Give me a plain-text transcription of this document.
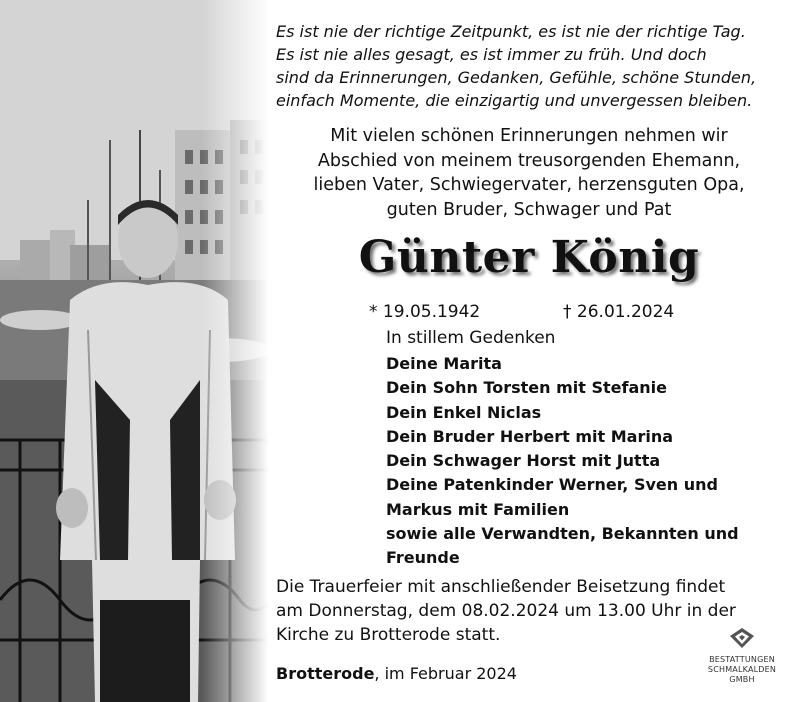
Es ist nie der richtige Zeitpunkt, es ist nie der richtige Tag.
Es ist nie alles gesagt, es ist immer zu früh. Und doch
sind da Erinnerungen, Gedanken, Gefühle, schöne Stunden,
einfach Momente, die einzigartig und unvergessen bleiben.
Mit vielen schönen Erinnerungen nehmen wir
Abschied von meinem treusorgenden Ehemann,
lieben Vater, Schwiegervater, herzensguten Opa,
guten Bruder, Schwager und Pat
Günter König
* 19.05.1942	† 26.01.2024
In stillem Gedenken
Deine Marita
Dein Sohn Torsten mit Stefanie
Dein Enkel Niclas
Dein Bruder Herbert mit Marina
Dein Schwager Horst mit Jutta
Deine Patenkinder Werner, Sven und
Markus mit Familien
sowie alle Verwandten, Bekannten und
Freunde
Die Trauerfeier mit anschließender Beisetzung findet
am Donnerstag, dem 08.02.2024 um 13.00 Uhr in der
Kirche zu Brotterode statt.
Brotterode, im Februar 2024
BESTATTUNGEN
SCHMALKALDEN
GMBH
